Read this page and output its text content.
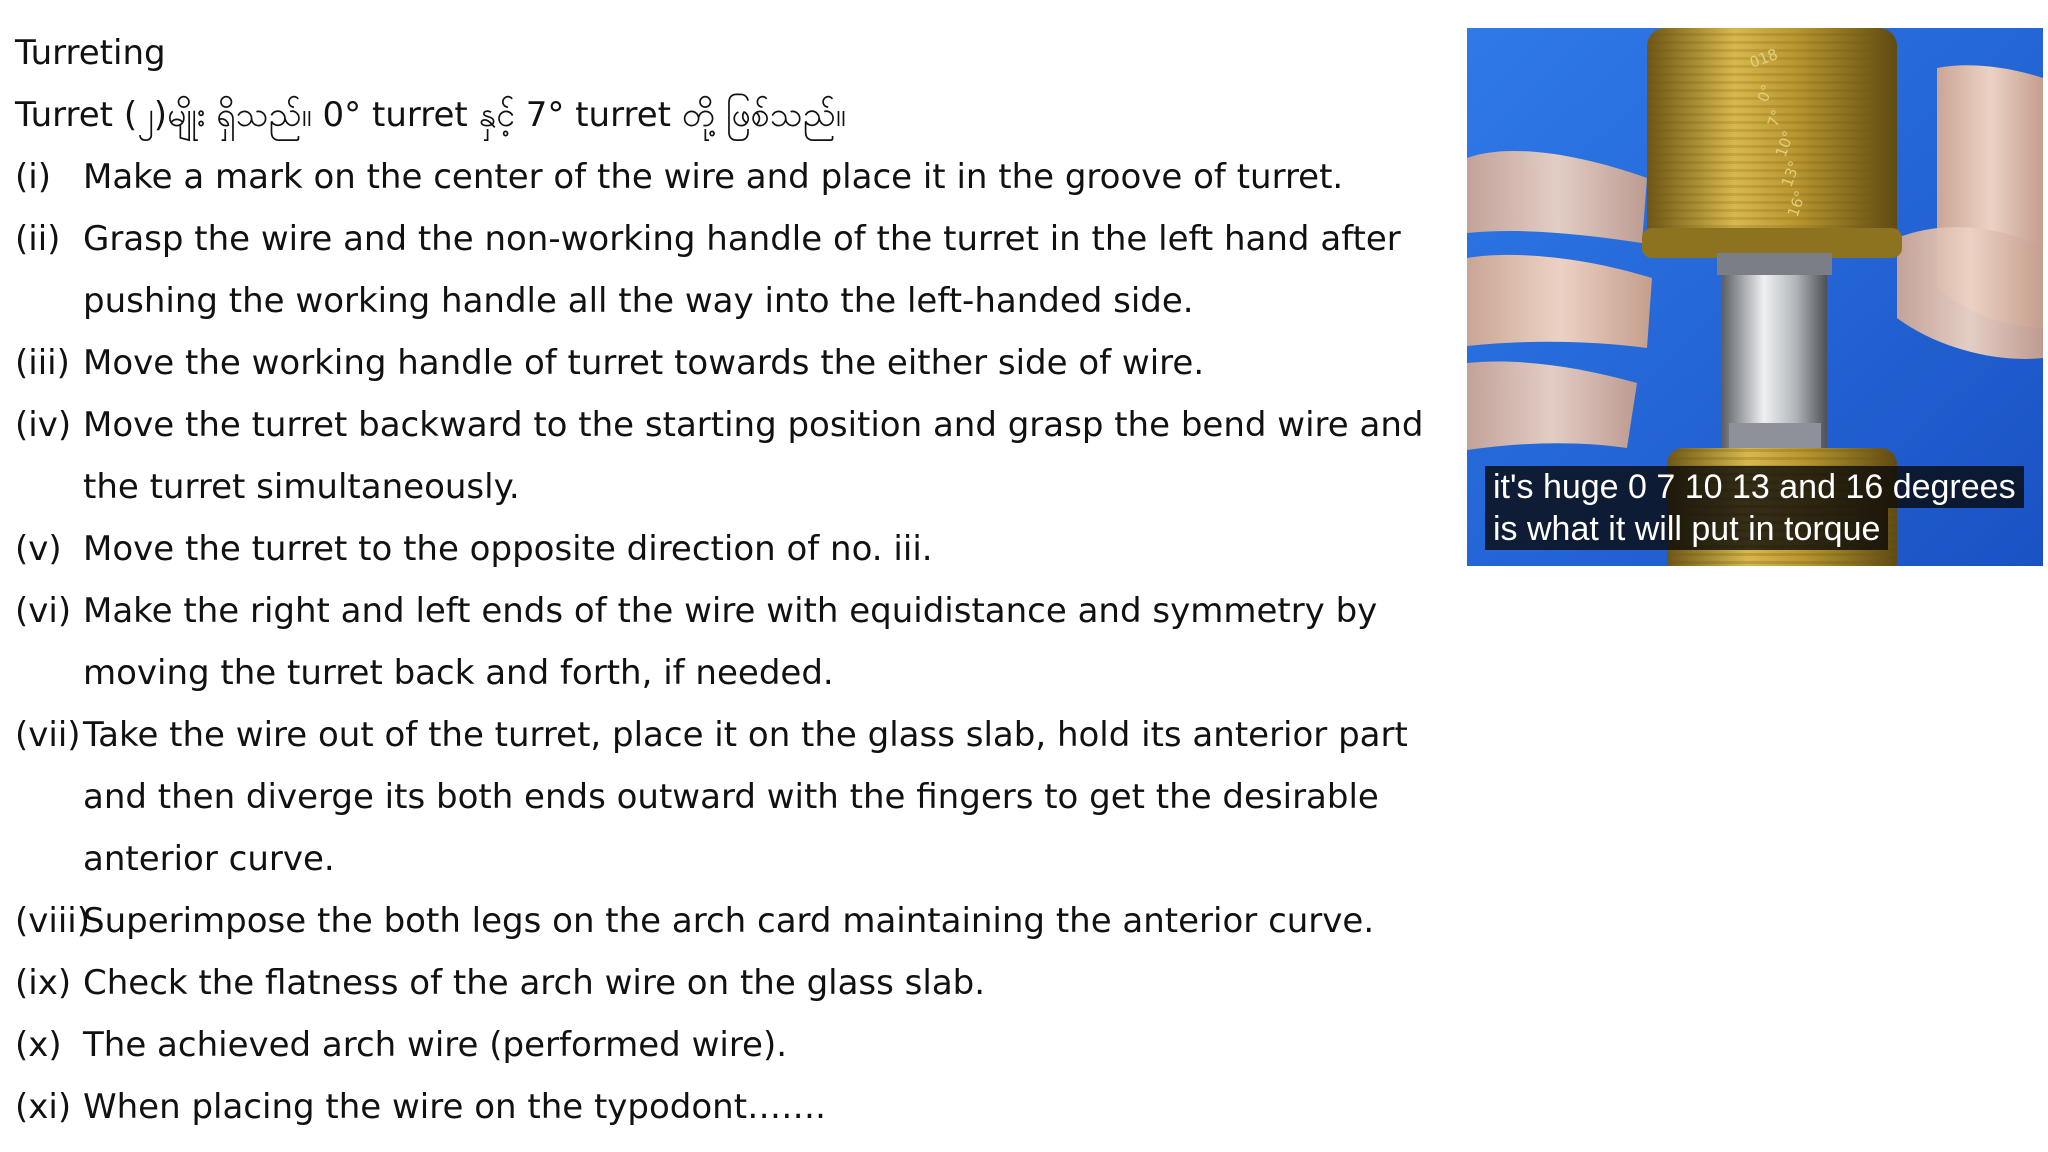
Turreting
Turret (၂)မျိုး ရှိသည်။ 0° turret နှင့် 7° turret တို့ ဖြစ်သည်။
(i) Make a mark on the center of the wire and place it in the groove of turret.
(ii) Grasp the wire and the non-working handle of the turret in the left hand after pushing the working handle all the way into the left-handed side.
(iii) Move the working handle of turret towards the either side of wire.
(iv) Move the turret backward to the starting position and grasp the bend wire and the turret simultaneously.
(v) Move the turret to the opposite direction of no. iii.
(vi) Make the right and left ends of the wire with equidistance and symmetry by moving the turret back and forth, if needed.
(vii) Take the wire out of the turret, place it on the glass slab, hold its anterior part and then diverge its both ends outward with the fingers to get the desirable anterior curve.
(viii)
Superimpose the both legs on the arch card maintaining the anterior curve.
(ix) Check the flatness of the arch wire on the glass slab.
(x) The achieved arch wire (performed wire).
(xi) When placing the wire on the typodont…….
018
0°
7°
10°
13°
16°
it's huge 0 7 10 13 and 16 degrees
is what it will put in torque
